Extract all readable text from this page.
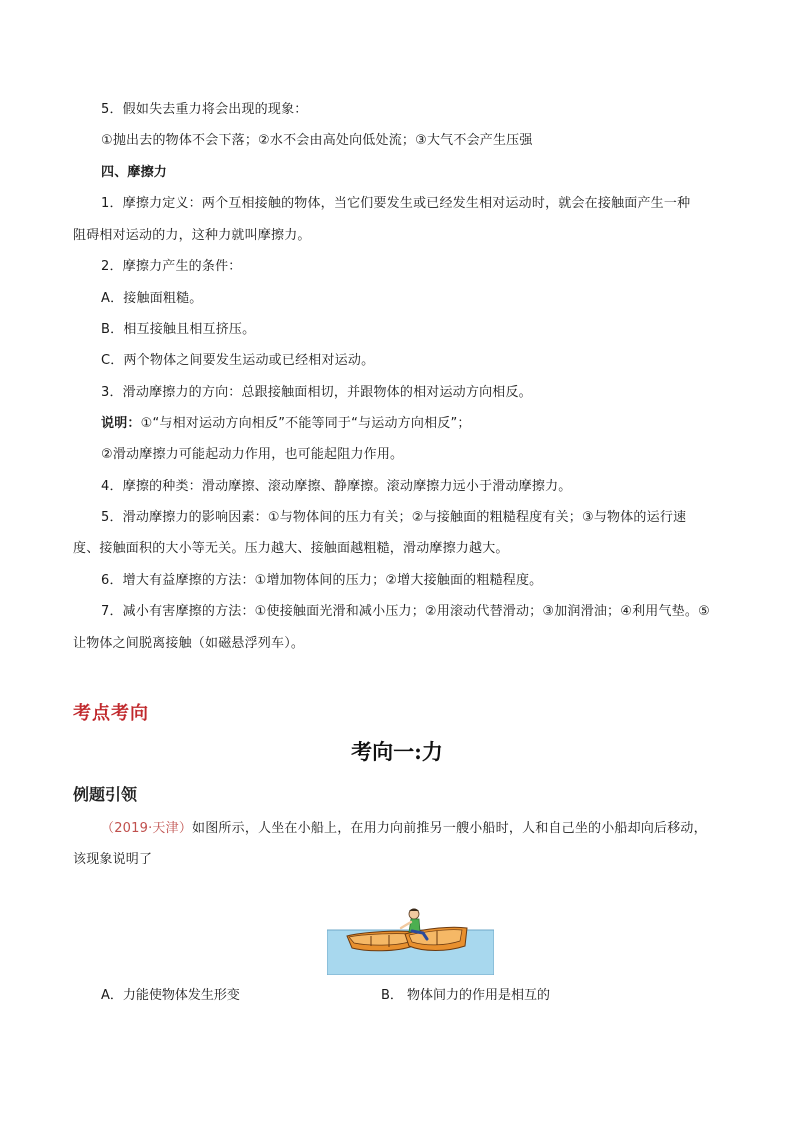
5．假如失去重力将会出现的现象：
①抛出去的物体不会下落；②水不会由高处向低处流；③大气不会产生压强
四、摩擦力
1．摩擦力定义：两个互相接触的物体，当它们要发生或已经发生相对运动时，就会在接触面产生一种
阻碍相对运动的力，这种力就叫摩擦力。
2．摩擦力产生的条件：
A．接触面粗糙。
B．相互接触且相互挤压。
C．两个物体之间要发生运动或已经相对运动。
3．滑动摩擦力的方向：总跟接触面相切，并跟物体的相对运动方向相反。
说明：①“与相对运动方向相反”不能等同于“与运动方向相反”；
②滑动摩擦力可能起动力作用，也可能起阻力作用。
4．摩擦的种类：滑动摩擦、滚动摩擦、静摩擦。滚动摩擦力远小于滑动摩擦力。
5．滑动摩擦力的影响因素：①与物体间的压力有关；②与接触面的粗糙程度有关；③与物体的运行速
度、接触面积的大小等无关。压力越大、接触面越粗糙，滑动摩擦力越大。
6．增大有益摩擦的方法：①增加物体间的压力；②增大接触面的粗糙程度。
7．减小有害摩擦的方法：①使接触面光滑和减小压力；②用滚动代替滑动；③加润滑油；④利用气垫。⑤
让物体之间脱离接触（如磁悬浮列车）。
考点考向
考向一:力
例题引领
（2019·天津）如图所示，人坐在小船上，在用力向前推另一艘小船时，人和自己坐的小船却向后移动，
该现象说明了
A．力能使物体发生形变	B． 物体间力的作用是相互的
